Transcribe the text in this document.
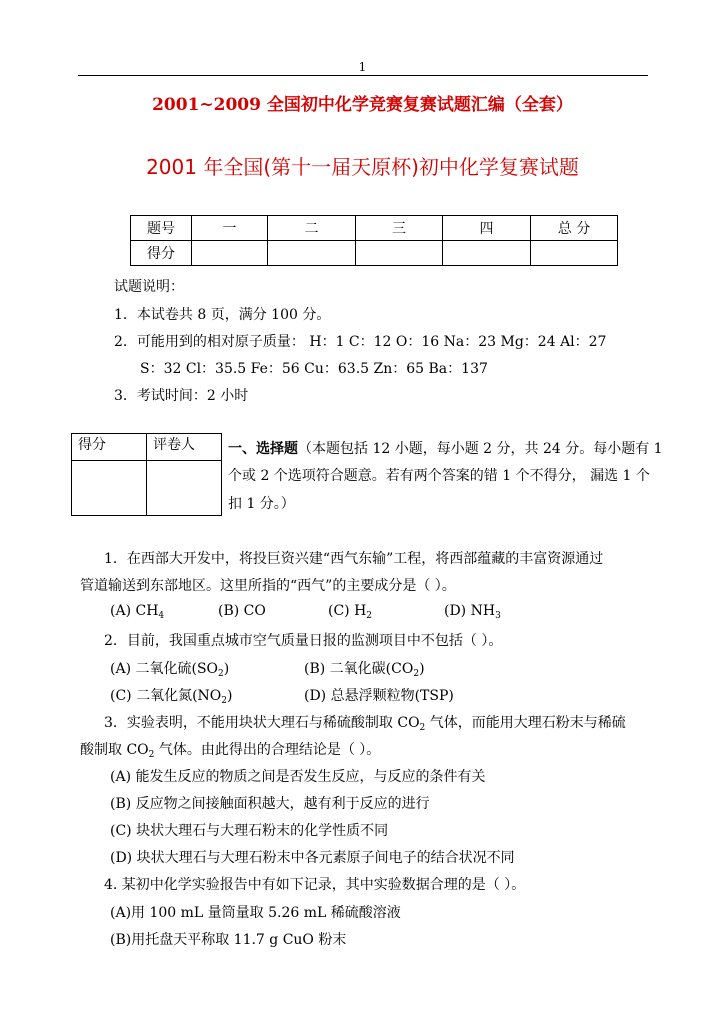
1
2001~2009 全国初中化学竞赛复赛试题汇编（全套）
2001 年全国(第十一届天原杯)初中化学复赛试题
题号	一	二	三	四	总 分
得分					
试题说明：
1．本试卷共 8 页，满分 100 分。
2．可能用到的相对原子质量： H：1 C：12 O：16 Na：23 Mg：24 Al：27
S：32 Cl：35.5 Fe：56 Cu：63.5 Zn：65 Ba：137
3．考试时间：2 小时
得分	评卷人
	一、选择题（本题包括 12 小题，每小题 2 分，共 24 分。每小题有 1
个或 2 个选项符合题意。若有两个答案的错 1 个不得分， 漏选 1 个
扣 1 分。）
1．在西部大开发中，将投巨资兴建“西气东输”工程，将西部蕴藏的丰富资源通过
管道输送到东部地区。这里所指的“西气”的主要成分是（ ）。
(A) $CH_4$	(B) CO	(C) $H_2$	(D) $NH_3$
2．目前，我国重点城市空气质量日报的监测项目中不包括（ ）。
(A) 二氧化硫$(SO_2)$	(B) 二氧化碳$(CO_2)$
(C) 二氧化氮$(NO_2)$	(D) 总悬浮颗粒物(TSP)
3．实验表明，不能用块状大理石与稀硫酸制取 $CO_2$ 气体，而能用大理石粉末与稀硫
酸制取 $CO_2$ 气体。由此得出的合理结论是（ ）。
(A) 能发生反应的物质之间是否发生反应，与反应的条件有关
(B) 反应物之间接触面积越大，越有利于反应的进行
(C) 块状大理石与大理石粉末的化学性质不同
(D) 块状大理石与大理石粉末中各元素原子间电子的结合状况不同
4. 某初中化学实验报告中有如下记录，其中实验数据合理的是（ ）。
(A)用 100 mL 量筒量取 5.26 mL 稀硫酸溶液
(B)用托盘天平称取 11.7 g CuO 粉末
